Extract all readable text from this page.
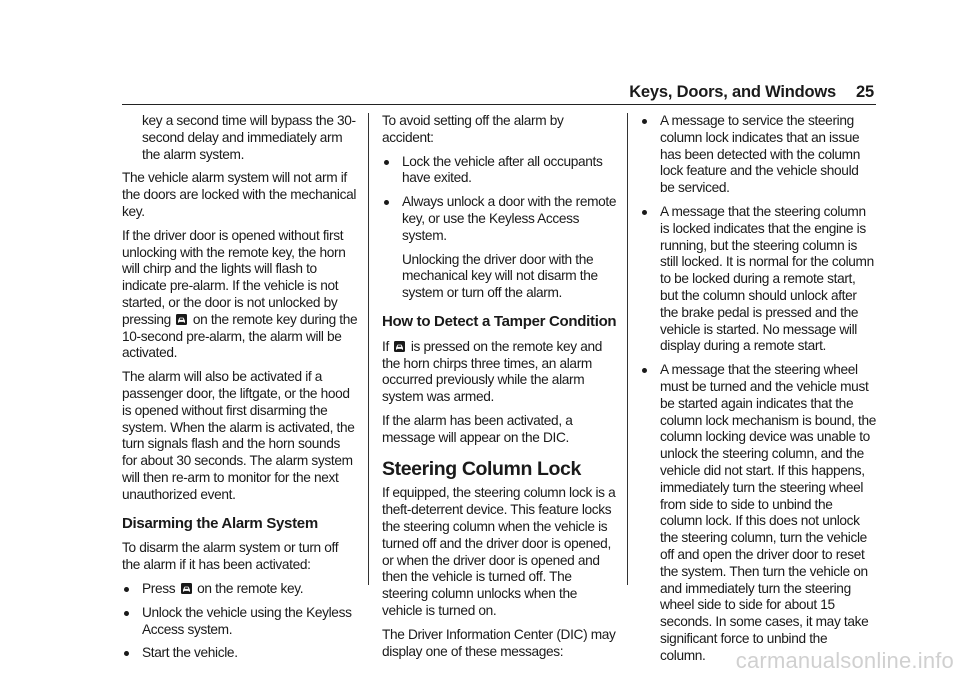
Keys, Doors, and Windows 25

key a second time will bypass the 30-second delay and immediately arm the alarm system.

The vehicle alarm system will not arm if the doors are locked with the mechanical key.

If the driver door is opened without first unlocking with the remote key, the horn will chirp and the lights will flash to indicate pre-alarm. If the vehicle is not started, or the door is not unlocked by pressing on the remote key during the 10-second pre-alarm, the alarm will be activated.

The alarm will also be activated if a passenger door, the liftgate, or the hood is opened without first disarming the system. When the alarm is activated, the turn signals flash and the horn sounds for about 30 seconds. The alarm system will then re-arm to monitor for the next unauthorized event.

Disarming the Alarm System

To disarm the alarm system or turn off the alarm if it has been activated:

Press on the remote key.
Unlock the vehicle using the Keyless Access system.
Start the vehicle.

To avoid setting off the alarm by accident:

Lock the vehicle after all occupants have exited.
Always unlock a door with the remote key, or use the Keyless Access system.

Unlocking the driver door with the mechanical key will not disarm the system or turn off the alarm.

How to Detect a Tamper Condition

If is pressed on the remote key and the horn chirps three times, an alarm occurred previously while the alarm system was armed.

If the alarm has been activated, a message will appear on the DIC.

Steering Column Lock

If equipped, the steering column lock is a theft-deterrent device. This feature locks the steering column when the vehicle is turned off and the driver door is opened, or when the driver door is opened and then the vehicle is turned off. The steering column unlocks when the vehicle is turned on.

The Driver Information Center (DIC) may display one of these messages:

A message to service the steering column lock indicates that an issue has been detected with the column lock feature and the vehicle should be serviced.
A message that the steering column is locked indicates that the engine is running, but the steering column is still locked. It is normal for the column to be locked during a remote start, but the column should unlock after the brake pedal is pressed and the vehicle is started. No message will display during a remote start.
A message that the steering wheel must be turned and the vehicle must be started again indicates that the column lock mechanism is bound, the column locking device was unable to unlock the steering column, and the vehicle did not start. If this happens, immediately turn the steering wheel from side to side to unbind the column lock. If this does not unlock the steering column, turn the vehicle off and open the driver door to reset the system. Then turn the vehicle on and immediately turn the steering wheel side to side for about 15 seconds. In some cases, it may take significant force to unbind the column.	carmanualsonline.info
